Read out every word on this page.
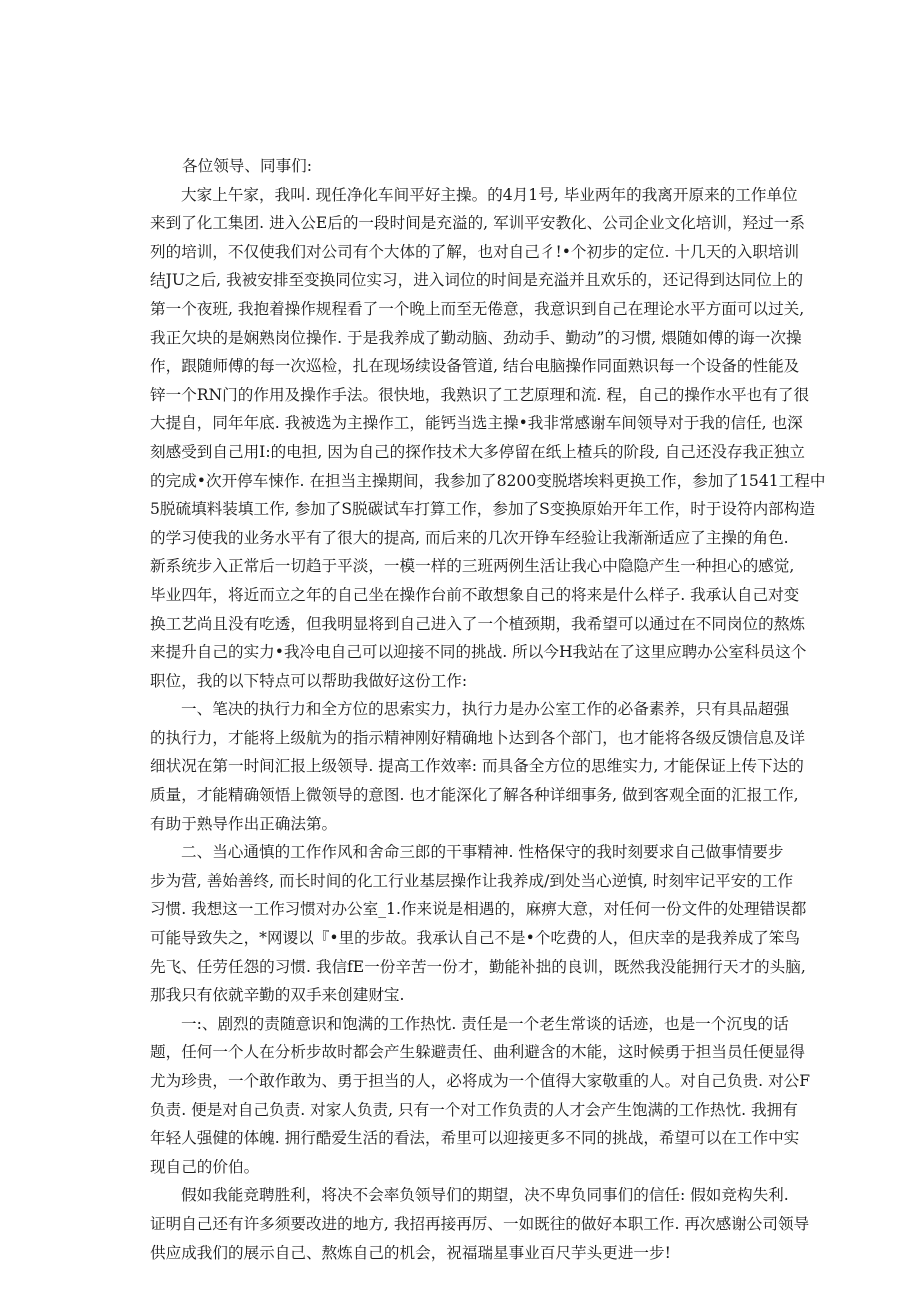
各位领导、同事们:
大家上午家，我叫. 现任净化车间平好主操。的4月1号, 毕业两年的我离开原来的工作单位
来到了化工集团. 进入公E后的一段时间是充溢的, 军训平安教化、公司企业文化培训，羟过一系
列的培训，不仅使我们对公司有个大体的了解，也对自己彳!•个初步的定位. 十几天的入职培训
结JU之后, 我被安排至变换同位实习，进入词位的时间是充溢并且欢乐的，还记得到达同位上的
第一个夜班, 我抱着操作规程看了一个晚上而至无倦意，我意识到自己在理论水平方面可以过关,
我正欠块的是娴熟岗位操作. 于是我养成了勤动脑、劲动手、勤动”的习惯, 煨随如傅的诲一次操
作，跟随师傅的每一次巡检，扎在现场续设备管道, 结台电脑操作同面熟识每一个设备的性能及
锌一个RN门的作用及操作手法。很快地，我熟识了工艺原理和流. 程，自己的操作水平也有了很
大提自，同年年底. 我被选为主操作工，能钙当选主操•我非常感谢车间领导对于我的信任, 也深
刻感受到自己用I:的电担, 因为自己的探作技术大多停留在纸上楂兵的阶段, 自己还没存我正独立
的完成•次开停车悚作. 在担当主操期间，我参加了8200变脱塔埃料更换工作，参加了1541工程中
5脱硫填料装填工作, 参加了S脱碳试车打算工作，参加了S变换原始开年工作，时于设符内部构造
的学习使我的业务水平有了很大的提高, 而后来的几次开铮车经验让我渐渐适应了主操的角色.
新系统步入正常后一切趋于平淡，一模一样的三班两例生活让我心中隐隐产生一种担心的感觉,
毕业四年，将近而立之年的自己坐在操作台前不敢想象自己的将来是什么样子. 我承认自己对变
换工艺尚且没有吃透，但我明显将到自己进入了一个植颈期，我希望可以通过在不同岗位的熬炼
来提升自己的实力•我冷电自己可以迎接不同的挑战. 所以今H我站在了这里应聘办公室科员这个
职位，我的以下特点可以帮助我做好这份工作:
一、笔决的执行力和全方位的思索实力，执行力是办公室工作的必备素养，只有具品超强
的执行力，才能将上级航为的指示精神刚好精确地卜达到各个部门，也才能将各级反馈信息及详
细状况在第一时间汇报上级领导. 提高工作效率: 而具备全方位的思维实力, 才能保证上传下达的
质量，才能精确领悟上微领导的意图. 也才能深化了解各种详细事务, 做到客观全面的汇报工作,
有助于熟导作出正确法第。
二、当心通慎的工作作风和舍命三郎的干事精神. 性格保守的我时刻要求自己做事情要步
步为营, 善始善终, 而长时间的化工行业基层操作让我养成/到处当心逆慎, 时刻牢记平安的工作
习惯. 我想这一工作习惯对办公室_1.作来说是相遇的，麻痹大意，对任何一份文件的处理错误都
可能导致失之，*网谡以『•里的步故。我承认自己不是•个吃费的人，但庆幸的是我养成了笨鸟
先飞、任劳任怨的习惯. 我信fE一份辛苦一份才，勤能补拙的良训，既然我没能拥行天才的头脑,
那我只有依就辛勤的双手来创建财宝.
一:、剧烈的责随意识和饱满的工作热忱. 责任是一个老生常谈的话迹，也是一个沉曳的话
题，任何一个人在分析步故时都会产生躲避责任、曲利避含的木能，这时候勇于担当员任便显得
尤为珍贵，一个敢作敢为、勇于担当的人，必将成为一个值得大家敬重的人。对自己负贵. 对公F
负责. 便是对自己负责. 对家人负责, 只有一个对工作负责的人才会产生饱满的工作热忱. 我拥有
年轻人强健的体魄. 拥行酷爱生活的看法，希里可以迎接更多不同的挑战，希望可以在工作中实
现自己的价伯。
假如我能竞聘胜利，将决不会率负领导们的期望，决不卑负同事们的信任: 假如竞构失利.
证明自己还有许多须要改进的地方, 我招再接再厉、一如既往的做好本职工作. 再次感谢公司领导
供应成我们的展示自己、熬炼自己的机会，祝福瑞星事业百尺芋头更进一步!
